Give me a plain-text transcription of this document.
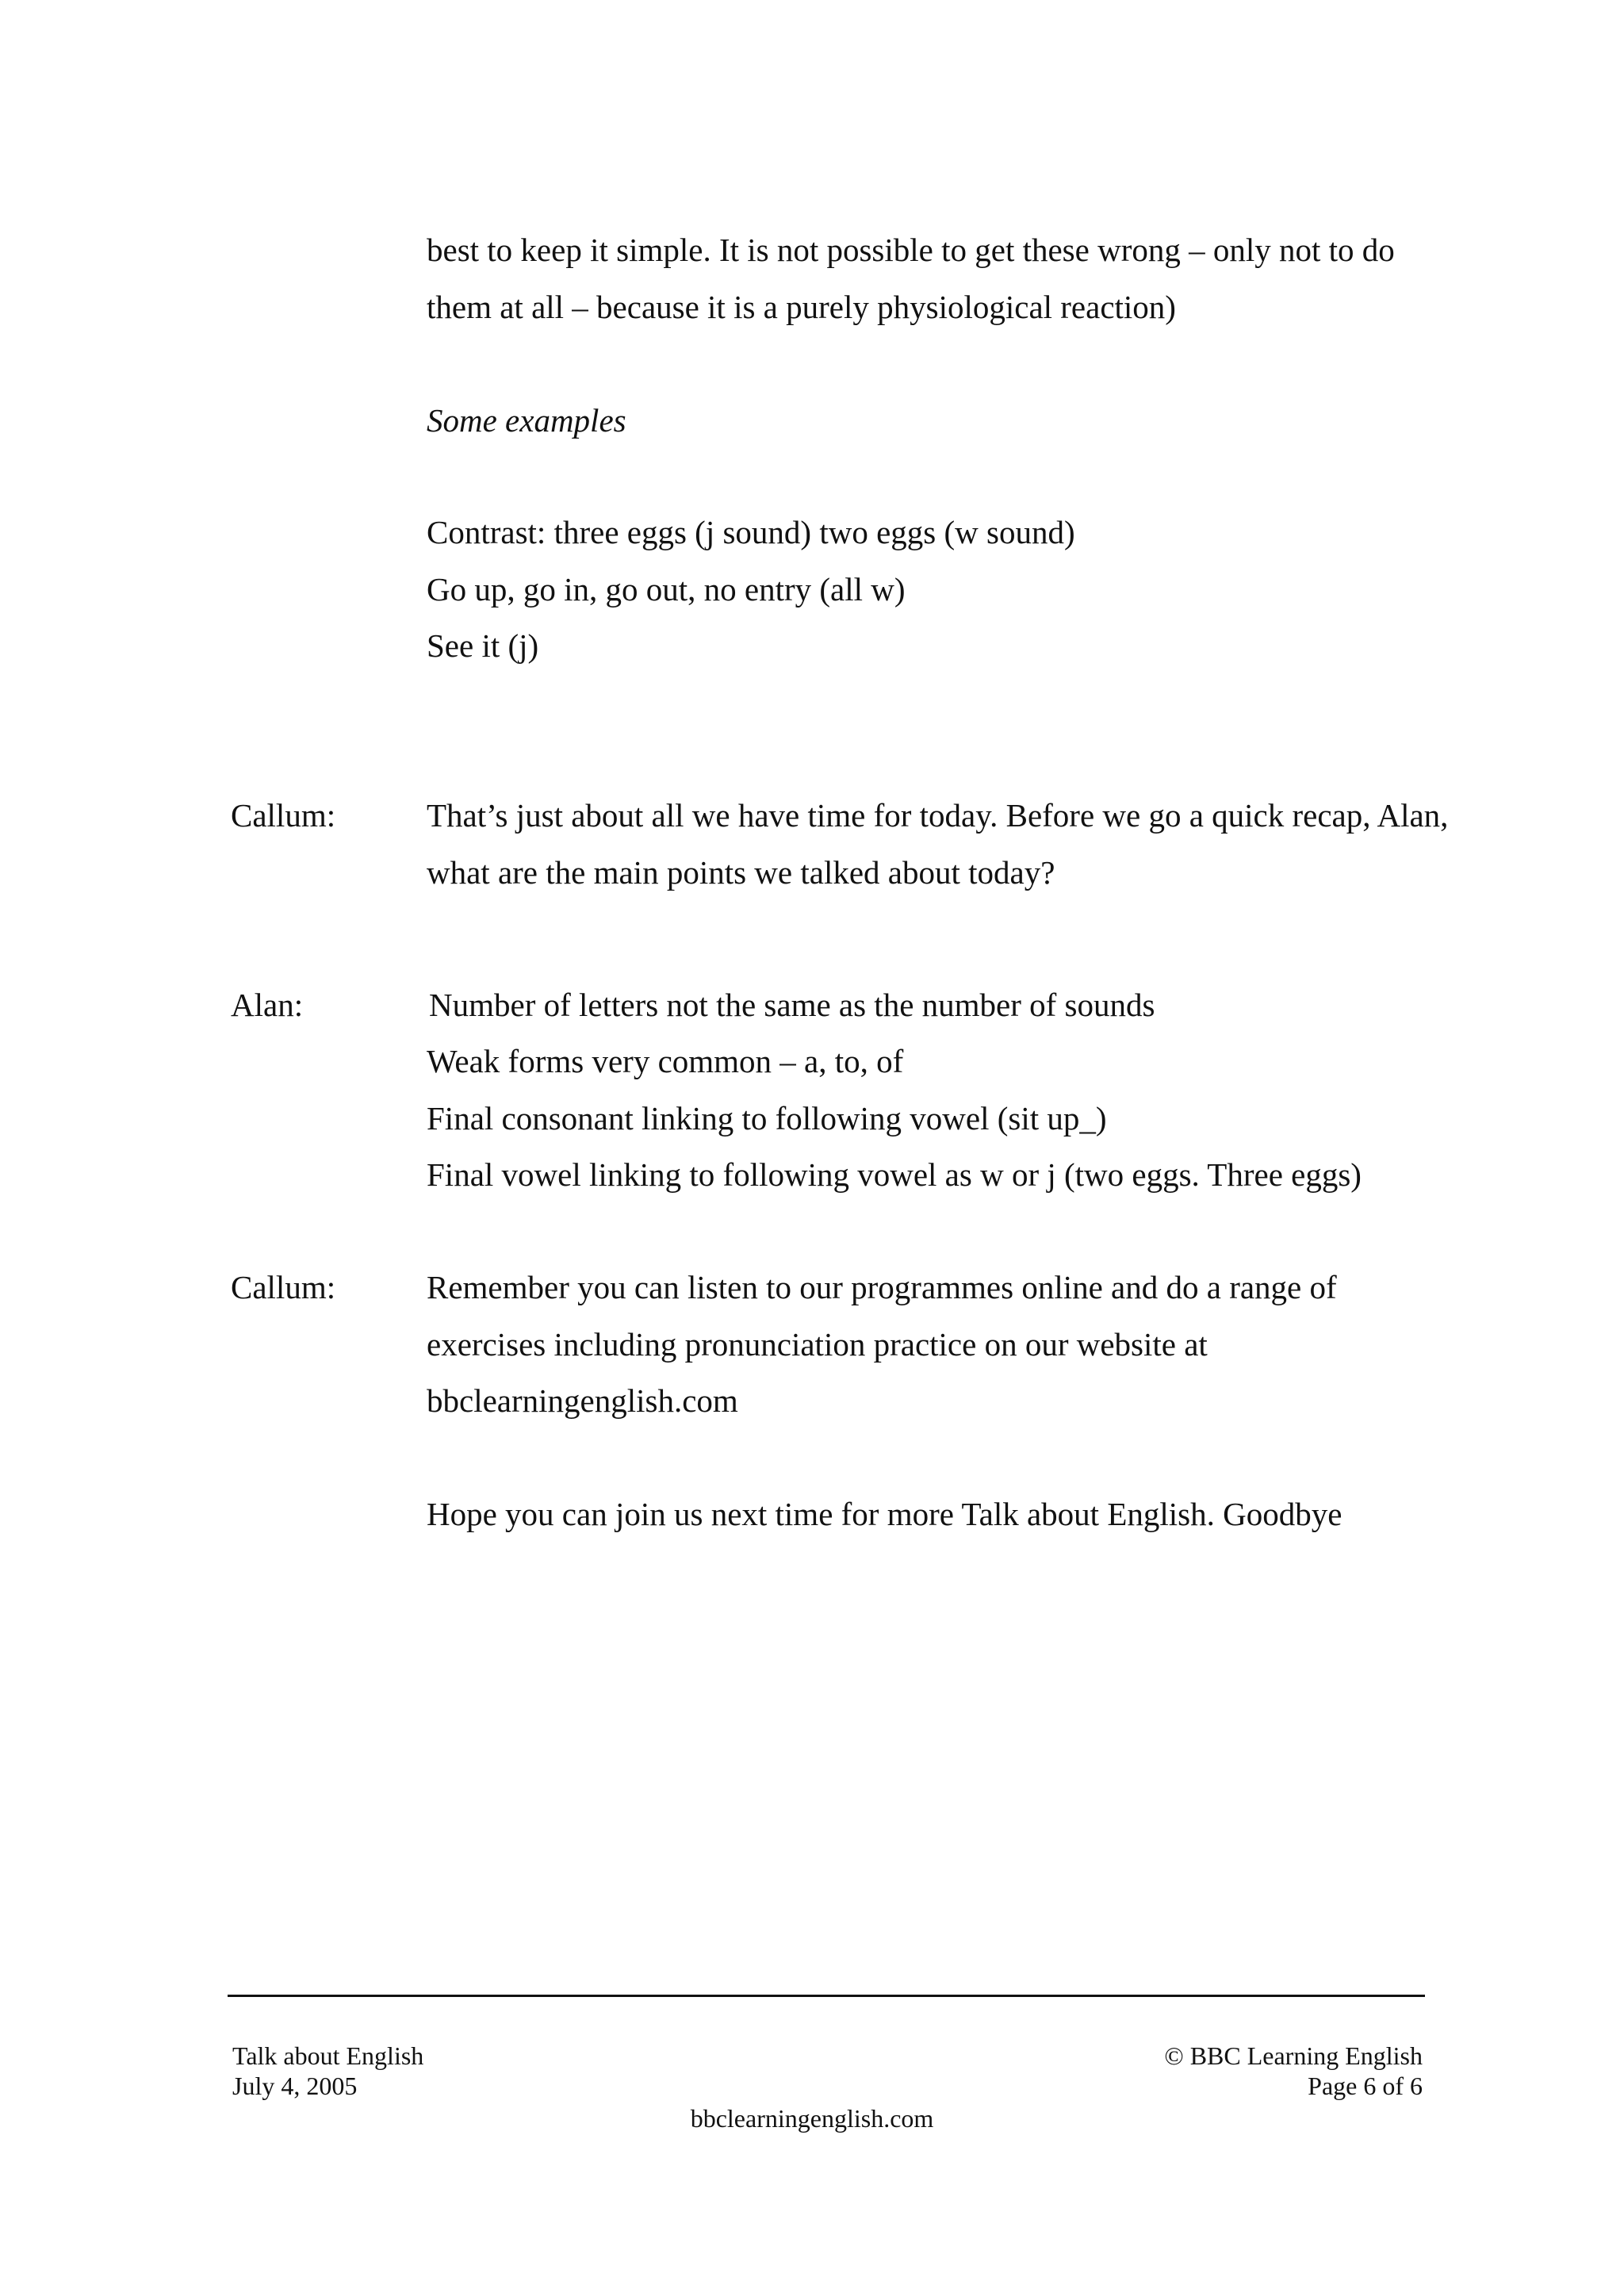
best to keep it simple. It is not possible to get these wrong – only not to do
them at all – because it is a purely physiological reaction)
Some examples
Contrast: three eggs (j sound) two eggs (w sound)
Go up, go in, go out, no entry (all w)
See it (j)
Callum:	That’s just about all we have time for today. Before we go a quick recap, Alan,
what are the main points we talked about today?
Alan:	Number of letters not the same as the number of sounds
Weak forms very common – a, to, of
Final consonant linking to following vowel (sit up_)
Final vowel linking to following vowel as w or j (two eggs. Three eggs)
Callum:	Remember you can listen to our programmes online and do a range of
exercises including pronunciation practice on our website at
bbclearningenglish.com
Hope you can join us next time for more Talk about English. Goodbye
Talk about English
July 4, 2005
© BBC Learning English
Page 6 of 6
bbclearningenglish.com
